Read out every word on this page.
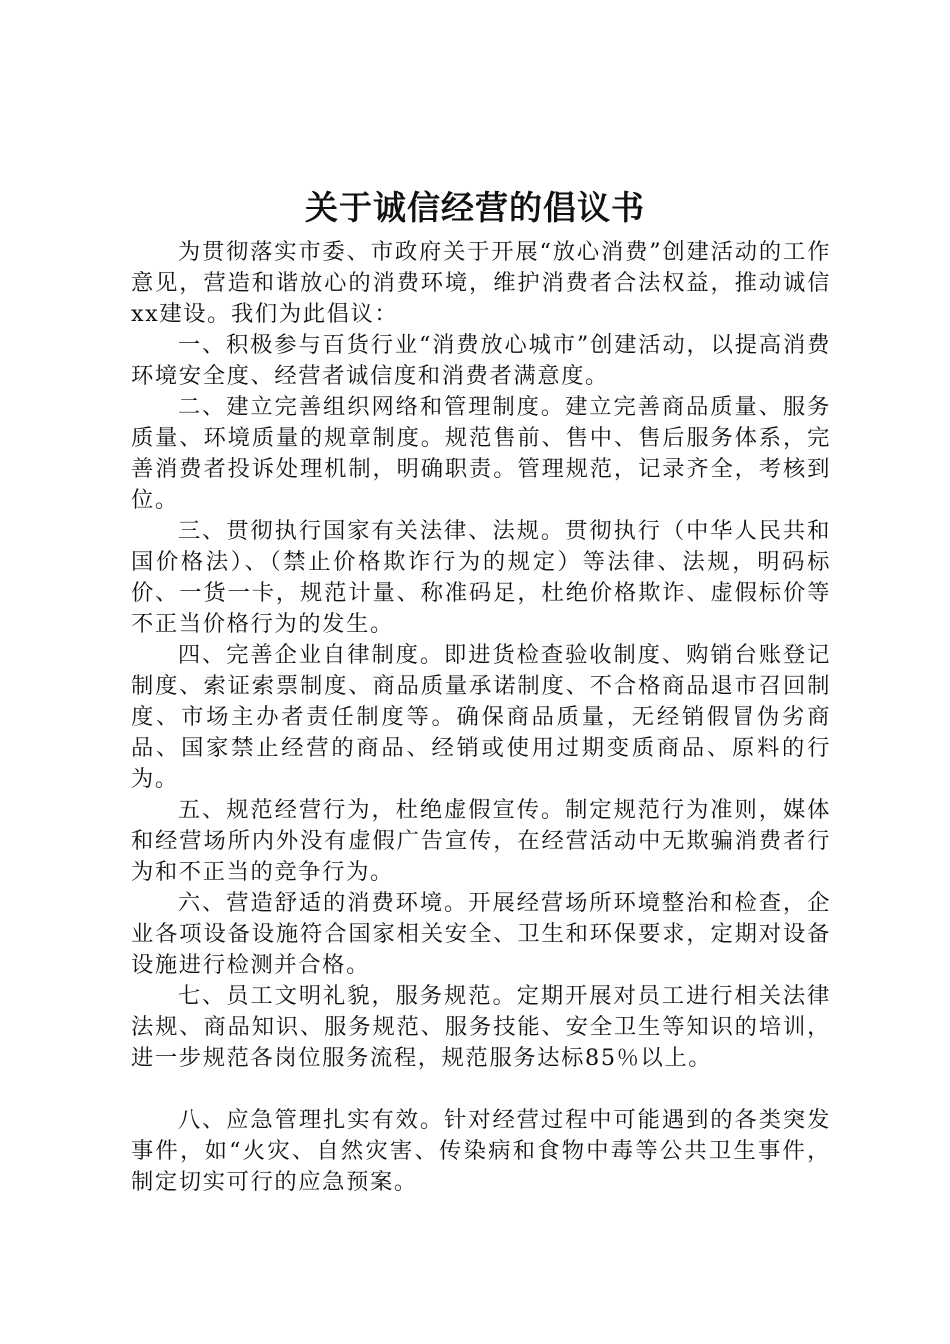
关于诚信经营的倡议书

为贯彻落实市委、市政府关于开展“放心消费”创建活动的工作意见，营造和谐放心的消费环境，维护消费者合法权益，推动诚信xx建设。我们为此倡议：

一、积极参与百货行业“消费放心城市”创建活动，以提高消费环境安全度、经营者诚信度和消费者满意度。

二、建立完善组织网络和管理制度。建立完善商品质量、服务质量、环境质量的规章制度。规范售前、售中、售后服务体系，完善消费者投诉处理机制，明确职责。管理规范，记录齐全，考核到位。

三、贯彻执行国家有关法律、法规。贯彻执行（中华人民共和国价格法）、（禁止价格欺诈行为的规定）等法律、法规，明码标价、一货一卡，规范计量、称准码足，杜绝价格欺诈、虚假标价等不正当价格行为的发生。

四、完善企业自律制度。即进货检查验收制度、购销台账登记制度、索证索票制度、商品质量承诺制度、不合格商品退市召回制度、市场主办者责任制度等。确保商品质量，无经销假冒伪劣商品、国家禁止经营的商品、经销或使用过期变质商品、原料的行为。

五、规范经营行为，杜绝虚假宣传。制定规范行为准则，媒体和经营场所内外没有虚假广告宣传，在经营活动中无欺骗消费者行为和不正当的竞争行为。

六、营造舒适的消费环境。开展经营场所环境整治和检查，企业各项设备设施符合国家相关安全、卫生和环保要求，定期对设备设施进行检测并合格。

七、员工文明礼貌，服务规范。定期开展对员工进行相关法律法规、商品知识、服务规范、服务技能、安全卫生等知识的培训，进一步规范各岗位服务流程，规范服务达标85％以上。

八、应急管理扎实有效。针对经营过程中可能遇到的各类突发事件，如“火灾、自然灾害、传染病和食物中毒等公共卫生事件，制定切实可行的应急预案。
